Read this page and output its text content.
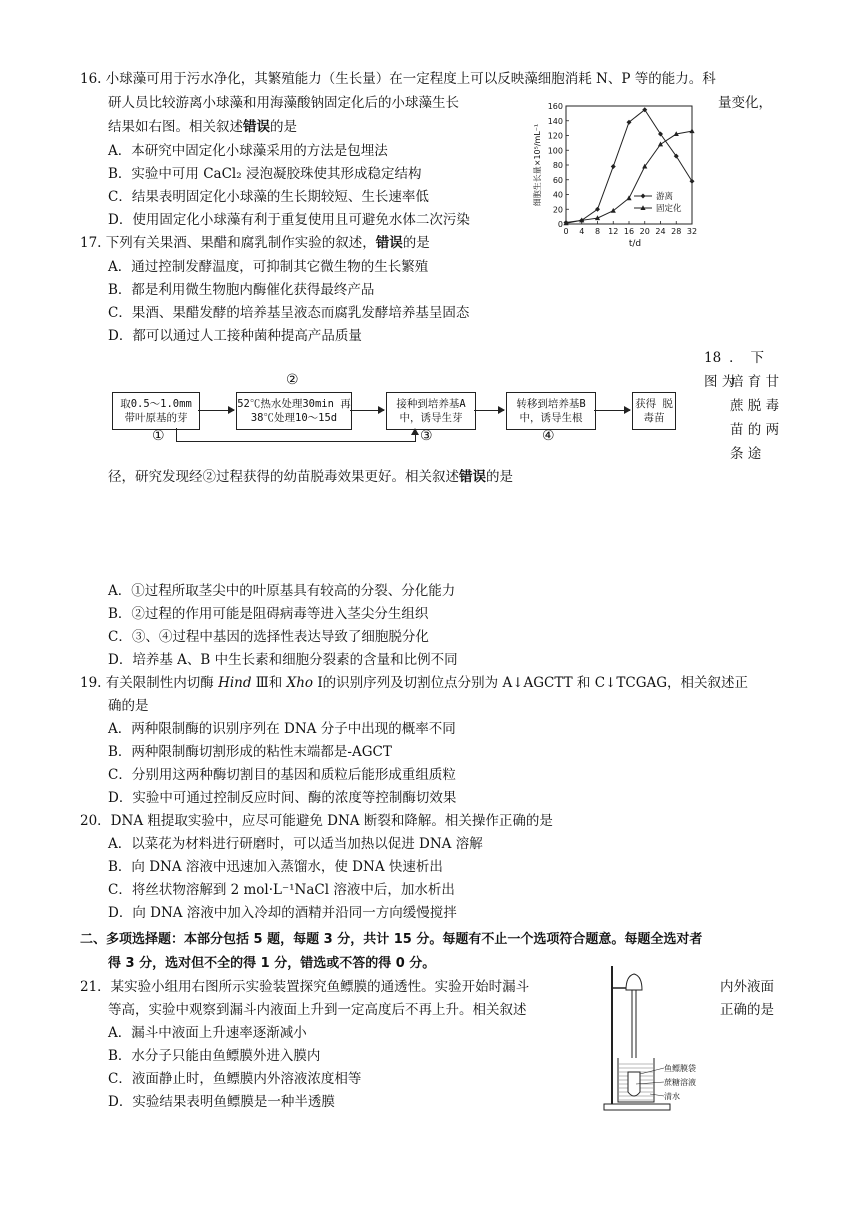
16. 小球藻可用于污水净化，其繁殖能力（生长量）在一定程度上可以反映藻细胞消耗 N、P 等的能力。科
研人员比较游离小球藻和用海藻酸钠固定化后的小球藻生长	量变化，
结果如右图。相关叙述错误的是
A．本研究中固定化小球藻采用的方法是包埋法
B．实验中可用 CaCl₂ 浸泡凝胶珠使其形成稳定结构
C．结果表明固定化小球藻的生长期较短、生长速率低
D．使用固定化小球藻有利于重复使用且可避免水体二次污染	0
20
40
60
80
100
120
140
160
0 4 8 12 16 20 24 28 32
t/d
细胞生长量×10⁵/mL⁻¹	游离
固定化
17. 下列有关果酒、果醋和腐乳制作实验的叙述，错误的是
A．通过控制发酵温度，可抑制其它微生物的生长繁殖
B．都是利用微生物胞内酶催化获得最终产品
C．果酒、果醋发酵的培养基呈液态而腐乳发酵培养基呈固态
D．都可以通过人工接种菌种提高产品质量
18．下 图 为
培 育 甘
蔗 脱 毒
苗 的 两
条 途
取0.5～1.0mm 带叶原基的芽
52℃热水处理30min 再38℃处理10～15d
接种到培养基A 中，诱导生芽
转移到培养基B 中，诱导生根
获得 脱毒苗
②
①	③	④
径，研究发现经②过程获得的幼苗脱毒效果更好。相关叙述错误的是
A．①过程所取茎尖中的叶原基具有较高的分裂、分化能力
B．②过程的作用可能是阻碍病毒等进入茎尖分生组织
C．③、④过程中基因的选择性表达导致了细胞脱分化
D．培养基 A、B 中生长素和细胞分裂素的含量和比例不同
19. 有关限制性内切酶 Hind Ⅲ和 Xho Ⅰ的识别序列及切割位点分别为 A↓AGCTT 和 C↓TCGAG，相关叙述正
确的是
A．两种限制酶的识别序列在 DNA 分子中出现的概率不同
B．两种限制酶切割形成的粘性末端都是-AGCT
C．分别用这两种酶切割目的基因和质粒后能形成重组质粒
D．实验中可通过控制反应时间、酶的浓度等控制酶切效果
20．DNA 粗提取实验中，应尽可能避免 DNA 断裂和降解。相关操作正确的是
A．以菜花为材料进行研磨时，可以适当加热以促进 DNA 溶解
B．向 DNA 溶液中迅速加入蒸馏水，使 DNA 快速析出
C．将丝状物溶解到 2 mol·L⁻¹NaCl 溶液中后，加水析出
D．向 DNA 溶液中加入冷却的酒精并沿同一方向缓慢搅拌
二、多项选择题：本部分包括 5 题，每题 3 分，共计 15 分。每题有不止一个选项符合题意。每题全选对者
得 3 分，选对但不全的得 1 分，错选或不答的得 0 分。
21．某实验小组用右图所示实验装置探究鱼鳔膜的通透性。实验开始时漏斗	内外液面
等高，实验中观察到漏斗内液面上升到一定高度后不再上升。相关叙述	正确的是
A．漏斗中液面上升速率逐渐减小
B．水分子只能由鱼鳔膜外进入膜内
C．液面静止时，鱼鳔膜内外溶液浓度相等
D．实验结果表明鱼鳔膜是一种半透膜
鱼鳔膜袋
蔗糖溶液
清水
